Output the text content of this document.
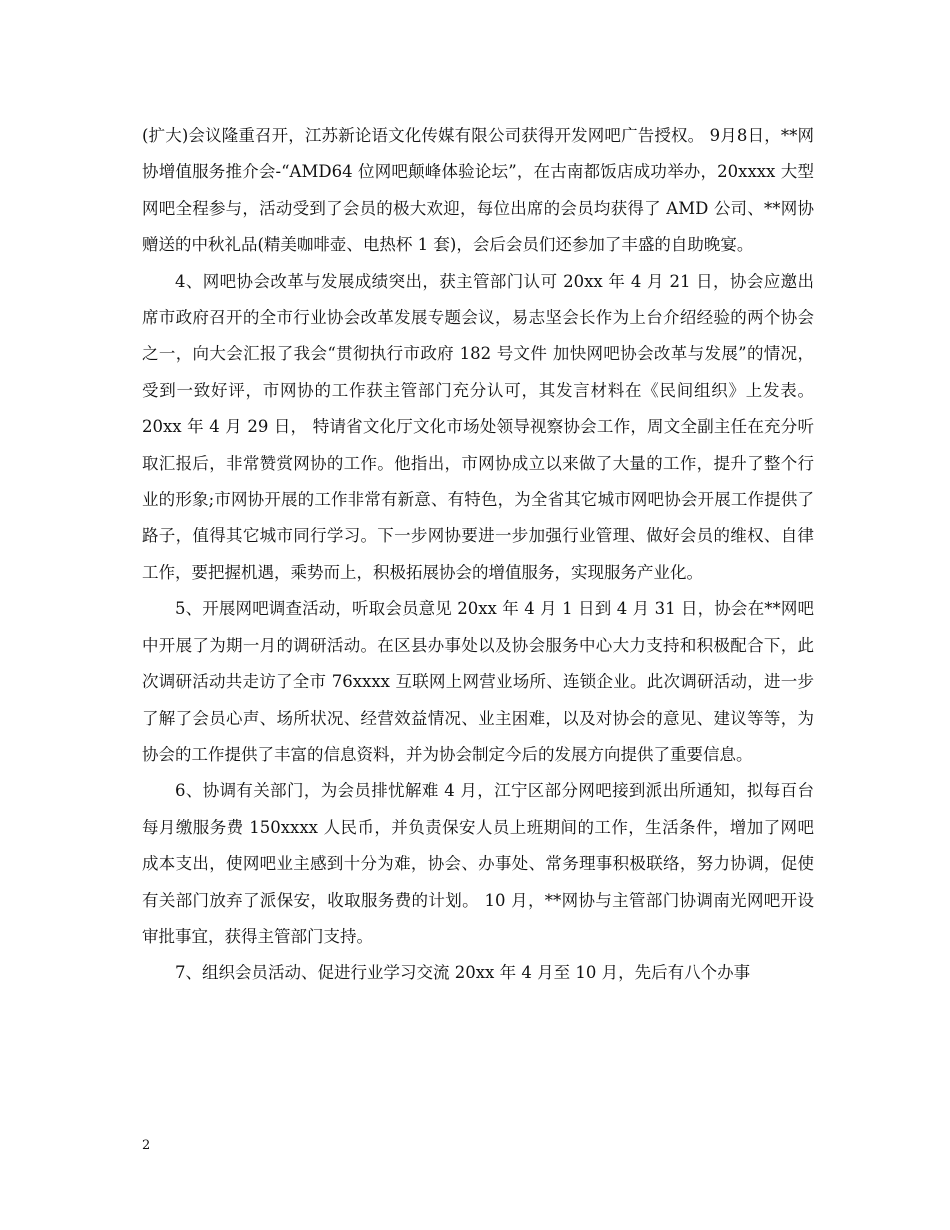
(扩大)会议隆重召开，江苏新论语文化传媒有限公司获得开发网吧广告授权。 9月8日，**网协增值服务推介会-“AMD64 位网吧颠峰体验论坛”，在古南都饭店成功举办，20xxxx 大型网吧全程参与，活动受到了会员的极大欢迎，每位出席的会员均获得了 AMD 公司、**网协赠送的中秋礼品(精美咖啡壶、电热杯 1 套)，会后会员们还参加了丰盛的自助晚宴。

4、网吧协会改革与发展成绩突出，获主管部门认可 20xx 年 4 月 21 日，协会应邀出席市政府召开的全市行业协会改革发展专题会议，易志坚会长作为上台介绍经验的两个协会之一，向大会汇报了我会“贯彻执行市政府 182 号文件 加快网吧协会改革与发展”的情况，受到一致好评，市网协的工作获主管部门充分认可，其发言材料在《民间组织》上发表。 20xx 年 4 月 29 日， 特请省文化厅文化市场处领导视察协会工作，周文全副主任在充分听取汇报后，非常赞赏网协的工作。他指出，市网协成立以来做了大量的工作，提升了整个行业的形象;市网协开展的工作非常有新意、有特色，为全省其它城市网吧协会开展工作提供了路子，值得其它城市同行学习。下一步网协要进一步加强行业管理、做好会员的维权、自律工作，要把握机遇，乘势而上，积极拓展协会的增值服务，实现服务产业化。

5、开展网吧调查活动，听取会员意见 20xx 年 4 月 1 日到 4 月 31 日，协会在**网吧中开展了为期一月的调研活动。在区县办事处以及协会服务中心大力支持和积极配合下，此次调研活动共走访了全市 76xxxx 互联网上网营业场所、连锁企业。此次调研活动，进一步了解了会员心声、场所状况、经营效益情况、业主困难，以及对协会的意见、建议等等，为协会的工作提供了丰富的信息资料，并为协会制定今后的发展方向提供了重要信息。

6、协调有关部门，为会员排忧解难 4 月，江宁区部分网吧接到派出所通知，拟每百台每月缴服务费 150xxxx 人民币，并负责保安人员上班期间的工作，生活条件，增加了网吧成本支出，使网吧业主感到十分为难，协会、办事处、常务理事积极联络，努力协调，促使有关部门放弃了派保安，收取服务费的计划。 10 月，**网协与主管部门协调南光网吧开设审批事宜，获得主管部门支持。

7、组织会员活动、促进行业学习交流 20xx 年 4 月至 10 月，先后有八个办事

2
